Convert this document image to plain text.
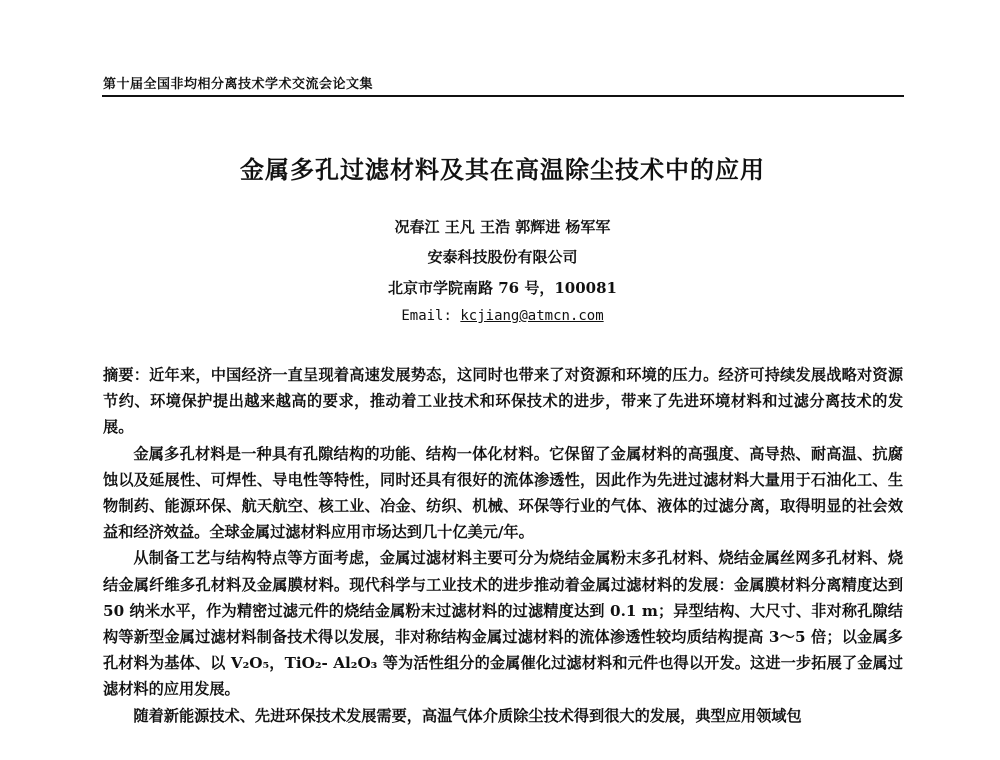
第十届全国非均相分离技术学术交流会论文集
金属多孔过滤材料及其在高温除尘技术中的应用
况春江 王凡 王浩 郭辉进 杨军军
安泰科技股份有限公司
北京市学院南路 76 号，100081
Email: kcjiang@atmcn.com

摘要：近年来，中国经济一直呈现着高速发展势态，这同时也带来了对资源和环境的压力。经济可持续发展战略对资源节约、环境保护提出越来越高的要求，推动着工业技术和环保技术的进步，带来了先进环境材料和过滤分离技术的发展。

金属多孔材料是一种具有孔隙结构的功能、结构一体化材料。它保留了金属材料的高强度、高导热、耐高温、抗腐蚀以及延展性、可焊性、导电性等特性，同时还具有很好的流体渗透性，因此作为先进过滤材料大量用于石油化工、生物制药、能源环保、航天航空、核工业、冶金、纺织、机械、环保等行业的气体、液体的过滤分离，取得明显的社会效益和经济效益。全球金属过滤材料应用市场达到几十亿美元/年。

从制备工艺与结构特点等方面考虑，金属过滤材料主要可分为烧结金属粉末多孔材料、烧结金属丝网多孔材料、烧结金属纤维多孔材料及金属膜材料。现代科学与工业技术的进步推动着金属过滤材料的发展：金属膜材料分离精度达到 50 纳米水平，作为精密过滤元件的烧结金属粉末过滤材料的过滤精度达到 0.1 m；异型结构、大尺寸、非对称孔隙结构等新型金属过滤材料制备技术得以发展，非对称结构金属过滤材料的流体渗透性较均质结构提高 3～5 倍；以金属多孔材料为基体、以 V₂O₅，TiO₂- Al₂O₃ 等为活性组分的金属催化过滤材料和元件也得以开发。这进一步拓展了金属过滤材料的应用发展。

随着新能源技术、先进环保技术发展需要，高温气体介质除尘技术得到很大的发展，典型应用领域包
